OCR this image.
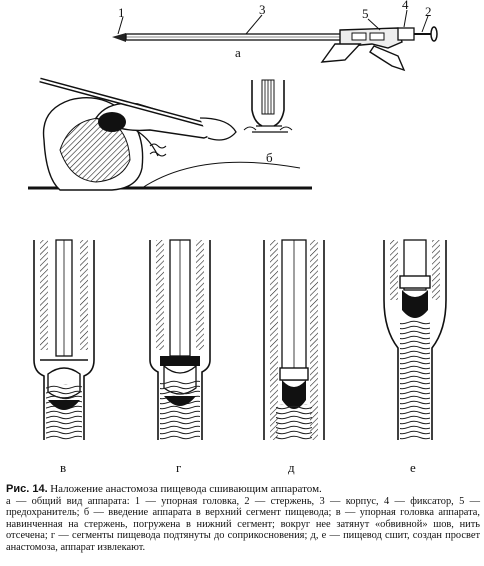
1	3	5
4 2
а
б
в	г	д	е
Рис. 14. Наложение анастомоза пищевода сшивающим аппаратом.
а — общий вид аппарата: 1 — упорная головка, 2 — стержень, 3 — корпус, 4 — фиксатор, 5 — предохранитель; б — введение аппарата в верхний сегмент пищевода; в — упорная головка аппарата, навинченная на стержень, погружена в нижний сегмент; вокруг нее затянут «обвивной» шов, нить отсечена; г — сегменты пищевода подтянуты до соприкосновения; д, е — пищевод сшит, создан просвет анастомоза, аппарат извлекают.
